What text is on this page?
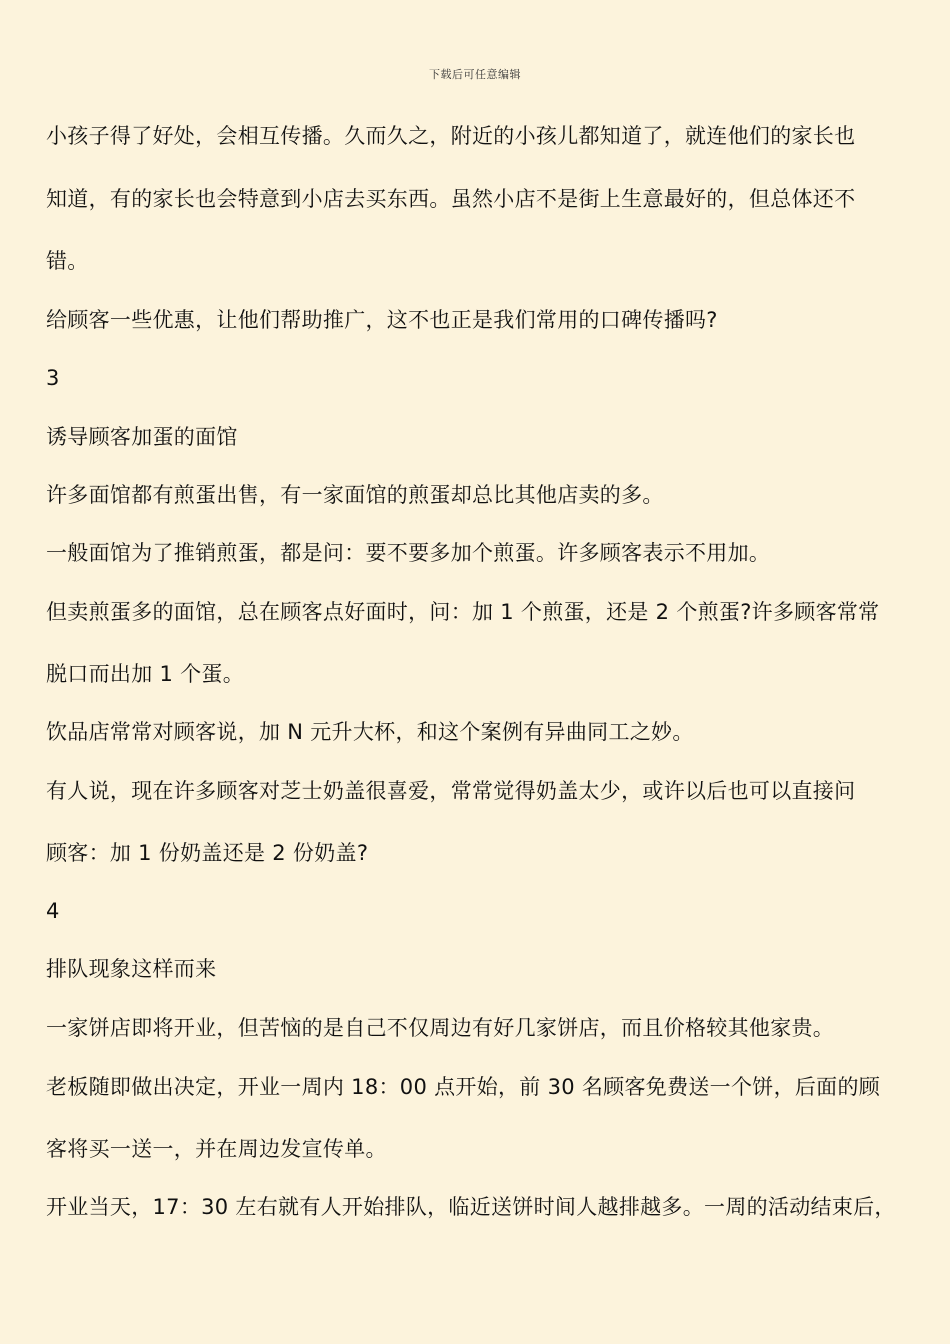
下载后可任意编辑
小孩子得了好处，会相互传播。久而久之，附近的小孩儿都知道了，就连他们的家长也
知道，有的家长也会特意到小店去买东西。虽然小店不是街上生意最好的，但总体还不
错。
给顾客一些优惠，让他们帮助推广，这不也正是我们常用的口碑传播吗?
3
诱导顾客加蛋的面馆
许多面馆都有煎蛋出售，有一家面馆的煎蛋却总比其他店卖的多。
一般面馆为了推销煎蛋，都是问：要不要多加个煎蛋。许多顾客表示不用加。
但卖煎蛋多的面馆，总在顾客点好面时，问：加 1 个煎蛋，还是 2 个煎蛋?许多顾客常常
脱口而出加 1 个蛋。
饮品店常常对顾客说，加 N 元升大杯，和这个案例有异曲同工之妙。
有人说，现在许多顾客对芝士奶盖很喜爱，常常觉得奶盖太少，或许以后也可以直接问
顾客：加 1 份奶盖还是 2 份奶盖?
4
排队现象这样而来
一家饼店即将开业，但苦恼的是自己不仅周边有好几家饼店，而且价格较其他家贵。
老板随即做出决定，开业一周内 18：00 点开始，前 30 名顾客免费送一个饼，后面的顾
客将买一送一，并在周边发宣传单。
开业当天，17：30 左右就有人开始排队，临近送饼时间人越排越多。一周的活动结束后，
